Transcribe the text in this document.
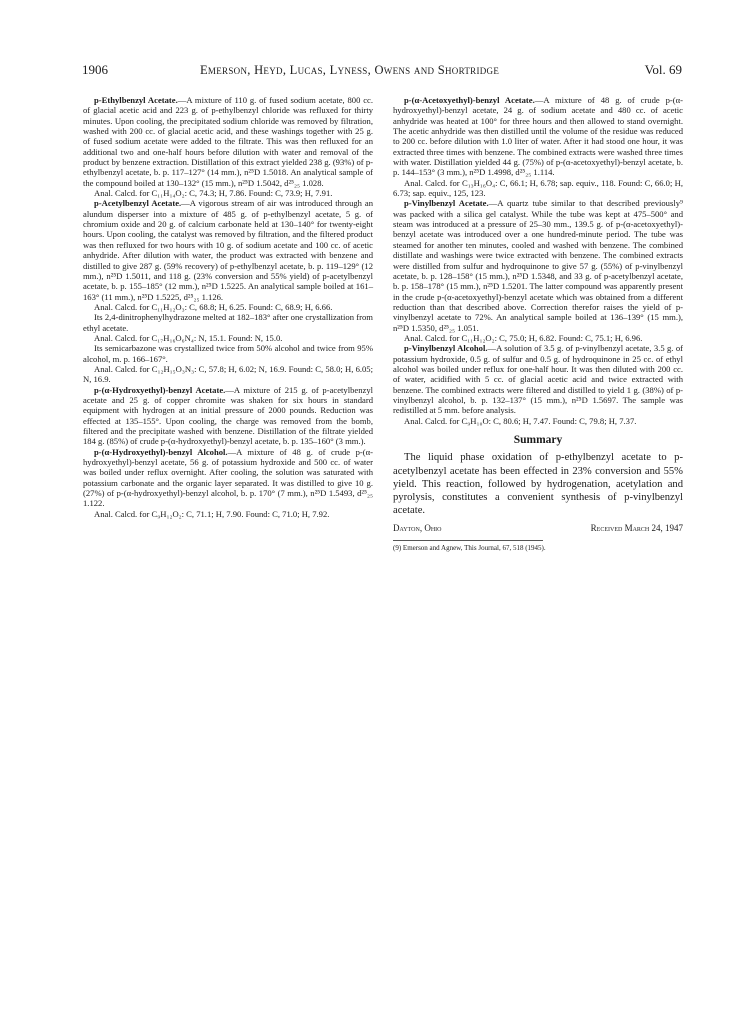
1906	Emerson, Heyd, Lucas, Lyness, Owens and Shortridge	Vol. 69

p-Ethylbenzyl Acetate.—A mixture of 110 g. of fused sodium acetate, 800 cc. of glacial acetic acid and 223 g. of p-ethylbenzyl chloride was refluxed for thirty minutes. Upon cooling, the precipitated sodium chloride was removed by filtration, washed with 200 cc. of glacial acetic acid, and these washings together with 25 g. of fused sodium acetate were added to the filtrate. This was then refluxed for an additional two and one-half hours before dilution with water and removal of the product by benzene extraction. Distillation of this extract yielded 238 g. (93%) of p-ethylbenzyl acetate, b. p. 117–127° (14 mm.), n²⁵D 1.5018. An analytical sample of the compound boiled at 130–132° (15 mm.), n²⁵D 1.5042, d²⁵₂₅ 1.028.

Anal. Calcd. for C₁₁H₁₄O₂: C, 74.3; H, 7.86. Found: C, 73.9; H, 7.91.

p-Acetylbenzyl Acetate.—A vigorous stream of air was introduced through an alundum disperser into a mixture of 485 g. of p-ethylbenzyl acetate, 5 g. of chromium oxide and 20 g. of calcium carbonate held at 130–140° for twenty-eight hours. Upon cooling, the catalyst was removed by filtration, and the filtered product was then refluxed for two hours with 10 g. of sodium acetate and 100 cc. of acetic anhydride. After dilution with water, the product was extracted with benzene and distilled to give 287 g. (59% recovery) of p-ethylbenzyl acetate, b. p. 119–129° (12 mm.), n²⁵D 1.5011, and 118 g. (23% conversion and 55% yield) of p-acetylbenzyl acetate, b. p. 155–185° (12 mm.), n²⁵D 1.5225. An analytical sample boiled at 161–163° (11 mm.), n²⁵D 1.5225, d²⁵₂₅ 1.126.

Anal. Calcd. for C₁₁H₁₂O₃: C, 68.8; H, 6.25. Found: C, 68.9; H, 6.66.

Its 2,4-dinitrophenylhydrazone melted at 182–183° after one crystallization from ethyl acetate.

Anal. Calcd. for C₁₇H₁₆O₆N₄: N, 15.1. Found: N, 15.0.

Its semicarbazone was crystallized twice from 50% alcohol and twice from 95% alcohol, m. p. 166–167°.

Anal. Calcd. for C₁₂H₁₅O₃N₃: C, 57.8; H, 6.02; N, 16.9. Found: C, 58.0; H, 6.05; N, 16.9.

p-(α-Hydroxyethyl)-benzyl Acetate.—A mixture of 215 g. of p-acetylbenzyl acetate and 25 g. of copper chromite was shaken for six hours in standard equipment with hydrogen at an initial pressure of 2000 pounds. Reduction was effected at 135–155°. Upon cooling, the charge was removed from the bomb, filtered and the precipitate washed with benzene. Distillation of the filtrate yielded 184 g. (85%) of crude p-(α-hydroxyethyl)-benzyl acetate, b. p. 135–160° (3 mm.).

p-(α-Hydroxyethyl)-benzyl Alcohol.—A mixture of 48 g. of crude p-(α-hydroxyethyl)-benzyl acetate, 56 g. of potassium hydroxide and 500 cc. of water was boiled under reflux overnight. After cooling, the solution was saturated with potassium carbonate and the organic layer separated. It was distilled to give 10 g. (27%) of p-(α-hydroxyethyl)-benzyl alcohol, b. p. 170° (7 mm.), n²⁵D 1.5493, d²⁵₂₅ 1.122.

Anal. Calcd. for C₉H₁₂O₂: C, 71.1; H, 7.90. Found: C, 71.0; H, 7.92.

p-(α-Acetoxyethyl)-benzyl Acetate.—A mixture of 48 g. of crude p-(α-hydroxyethyl)-benzyl acetate, 24 g. of sodium acetate and 480 cc. of acetic anhydride was heated at 100° for three hours and then allowed to stand overnight. The acetic anhydride was then distilled until the volume of the residue was reduced to 200 cc. before dilution with 1.0 liter of water. After it had stood one hour, it was extracted three times with benzene. The combined extracts were washed three times with water. Distillation yielded 44 g. (75%) of p-(α-acetoxyethyl)-benzyl acetate, b. p. 144–153° (3 mm.), n²⁵D 1.4998, d²⁵₂₅ 1.114.

Anal. Calcd. for C₁₃H₁₆O₄: C, 66.1; H, 6.78; sap. equiv., 118. Found: C, 66.0; H, 6.73; sap. equiv., 125, 123.

p-Vinylbenzyl Acetate.—A quartz tube similar to that described previously⁹ was packed with a silica gel catalyst. While the tube was kept at 475–500° and steam was introduced at a pressure of 25–30 mm., 139.5 g. of p-(α-acetoxyethyl)-benzyl acetate was introduced over a one hundred-minute period. The tube was steamed for another ten minutes, cooled and washed with benzene. The combined distillate and washings were twice extracted with benzene. The combined extracts were distilled from sulfur and hydroquinone to give 57 g. (55%) of p-vinylbenzyl acetate, b. p. 128–158° (15 mm.), n²⁵D 1.5348, and 33 g. of p-acetylbenzyl acetate, b. p. 158–178° (15 mm.), n²⁵D 1.5201. The latter compound was apparently present in the crude p-(α-acetoxyethyl)-benzyl acetate which was obtained from a different reduction than that described above. Correction therefor raises the yield of p-vinylbenzyl acetate to 72%. An analytical sample boiled at 136–139° (15 mm.), n²⁵D 1.5350, d²⁵₂₅ 1.051.

Anal. Calcd. for C₁₁H₁₂O₂: C, 75.0; H, 6.82. Found: C, 75.1; H, 6.96.

p-Vinylbenzyl Alcohol.—A solution of 3.5 g. of p-vinylbenzyl acetate, 3.5 g. of potassium hydroxide, 0.5 g. of sulfur and 0.5 g. of hydroquinone in 25 cc. of ethyl alcohol was boiled under reflux for one-half hour. It was then diluted with 200 cc. of water, acidified with 5 cc. of glacial acetic acid and twice extracted with benzene. The combined extracts were filtered and distilled to yield 1 g. (38%) of p-vinylbenzyl alcohol, b. p. 132–137° (15 mm.), n²⁵D 1.5697. The sample was redistilled at 5 mm. before analysis.

Anal. Calcd. for C₉H₁₀O: C, 80.6; H, 7.47. Found: C, 79.8; H, 7.37.

Summary

The liquid phase oxidation of p-ethylbenzyl acetate to p-acetylbenzyl acetate has been effected in 23% conversion and 55% yield. This reaction, followed by hydrogenation, acetylation and pyrolysis, constitutes a convenient synthesis of p-vinylbenzyl acetate.

Dayton, Ohio	Received March 24, 1947
(9) Emerson and Agnew, This Journal, 67, 518 (1945).
